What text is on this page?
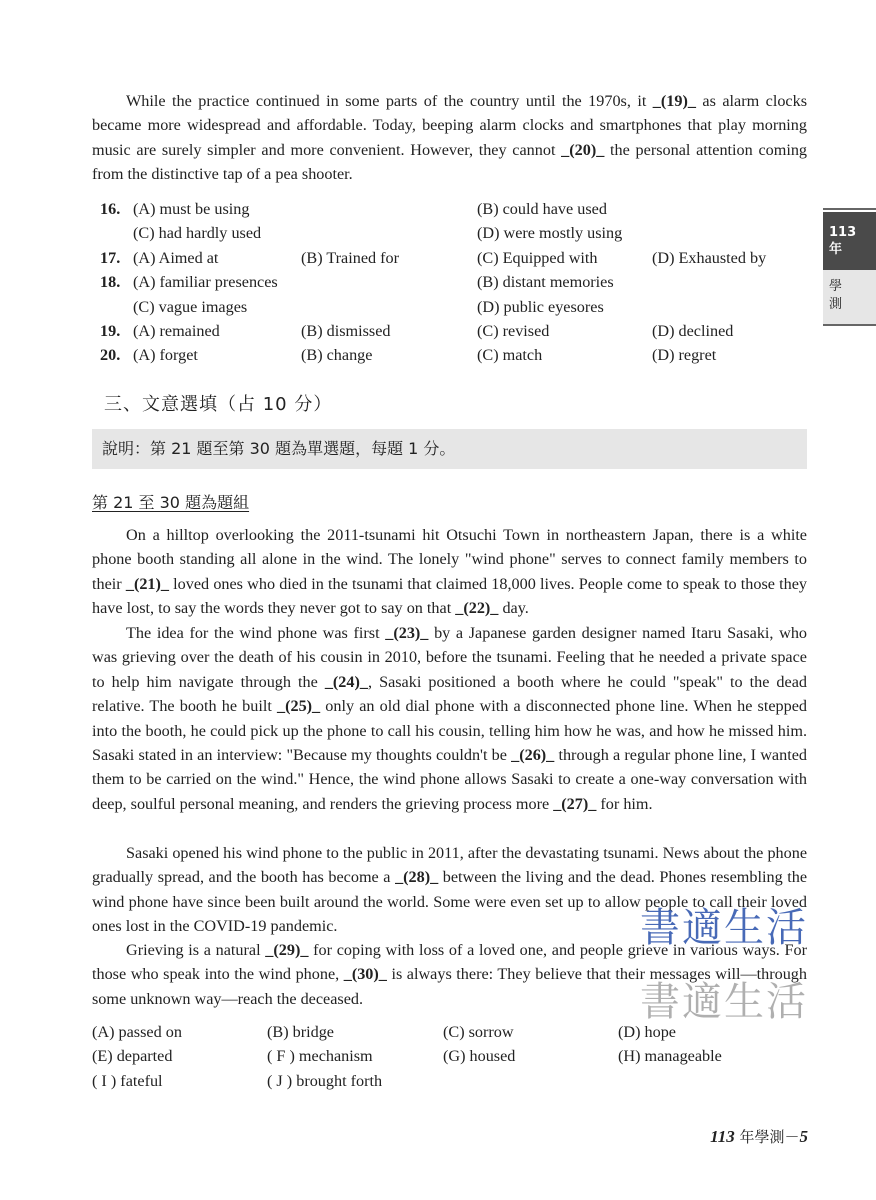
While the practice continued in some parts of the country until the 1970s, it _(19)_ as alarm clocks became more widespread and affordable. Today, beeping alarm clocks and smartphones that play morning music are surely simpler and more convenient. However, they cannot _(20)_ the personal attention coming from the distinctive tap of a pea shooter.

16. (A) must be using	(B) could have used
(C) had hardly used	(D) were mostly using
17. (A) Aimed at	(B) Trained for	(C) Equipped with	(D) Exhausted by
18. (A) familiar presences	(B) distant memories
(C) vague images	(D) public eyesores
19. (A) remained	(B) dismissed	(C) revised	(D) declined
20. (A) forget	(B) change	(C) match	(D) regret
三、文意選填（占 10 分）
說明：第 21 題至第 30 題為單選題，每題 1 分。
第 21 至 30 題為題組

On a hilltop overlooking the 2011-tsunami hit Otsuchi Town in northeastern Japan, there is a white phone booth standing all alone in the wind. The lonely "wind phone" serves to connect family members to their _(21)_ loved ones who died in the tsunami that claimed 18,000 lives. People come to speak to those they have lost, to say the words they never got to say on that _(22)_ day.

The idea for the wind phone was first _(23)_ by a Japanese garden designer named Itaru Sasaki, who was grieving over the death of his cousin in 2010, before the tsunami. Feeling that he needed a private space to help him navigate through the _(24)_, Sasaki positioned a booth where he could "speak" to the dead relative. The booth he built _(25)_ only an old dial phone with a disconnected phone line. When he stepped into the booth, he could pick up the phone to call his cousin, telling him how he was, and how he missed him. Sasaki stated in an interview: "Because my thoughts couldn't be _(26)_ through a regular phone line, I wanted them to be carried on the wind." Hence, the wind phone allows Sasaki to create a one-way conversation with deep, soulful personal meaning, and renders the grieving process more _(27)_ for him.

Sasaki opened his wind phone to the public in 2011, after the devastating tsunami. News about the phone gradually spread, and the booth has become a _(28)_ between the living and the dead. Phones resembling the wind phone have since been built around the world. Some were even set up to allow people to call their loved ones lost in the COVID-19 pandemic.

Grieving is a natural _(29)_ for coping with loss of a loved one, and people grieve in various ways. For those who speak into the wind phone, _(30)_ is always there: They believe that their messages will—through some unknown way—reach the deceased.

(A) passed on	(B) bridge	(C) sorrow	(D) hope
(E) departed	( F ) mechanism	(G) housed	(H) manageable
( I ) fateful	( J ) brought forth
113
年
學測
書適生活
書適生活
113 年學測－5
